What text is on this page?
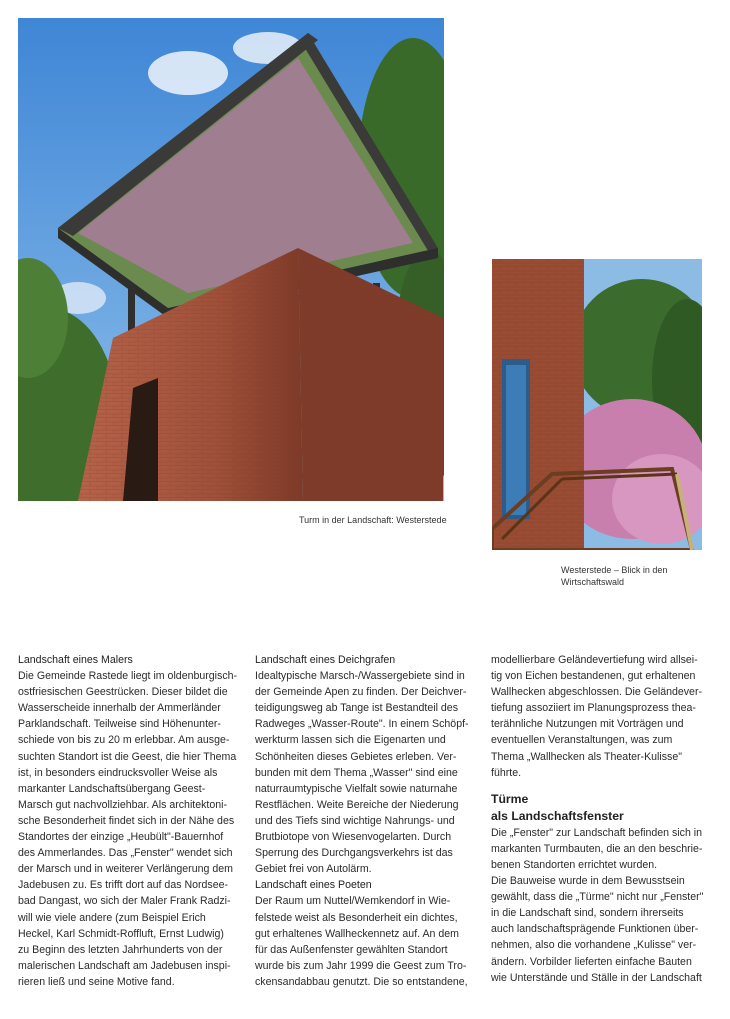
Turm in der Landschaft: Westerstede
Westerstede – Blick in den
Wirtschaftswald

Landschaft eines Malers

Die Gemeinde Rastede liegt im oldenburgisch-
ostfriesischen Geestrücken. Dieser bildet die
Wasserscheide innerhalb der Ammerländer
Parklandschaft. Teilweise sind Höhenunter-
schiede von bis zu 20 m erlebbar. Am ausge-
suchten Standort ist die Geest, die hier Thema
ist, in besonders eindrucksvoller Weise als
markanter Landschaftsübergang Geest-
Marsch gut nachvollziehbar. Als architektoni-
sche Besonderheit findet sich in der Nähe des
Standortes der einzige „Heubült"-Bauernhof
des Ammerlandes. Das „Fenster" wendet sich
der Marsch und in weiterer Verlängerung dem
Jadebusen zu. Es trifft dort auf das Nordsee-
bad Dangast, wo sich der Maler Frank Radzi-
will wie viele andere (zum Beispiel Erich
Heckel, Karl Schmidt-Roffluft, Ernst Ludwig)
zu Beginn des letzten Jahrhunderts von der
malerischen Landschaft am Jadebusen inspi-
rieren ließ und seine Motive fand.

Landschaft eines Deichgrafen

Idealtypische Marsch-/Wassergebiete sind in
der Gemeinde Apen zu finden. Der Deichver-
teidigungsweg ab Tange ist Bestandteil des
Radweges „Wasser-Route". In einem Schöpf-
werkturm lassen sich die Eigenarten und
Schönheiten dieses Gebietes erleben. Ver-
bunden mit dem Thema „Wasser" sind eine
naturraumtypische Vielfalt sowie naturnahe
Restflächen. Weite Bereiche der Niederung
und des Tiefs sind wichtige Nahrungs- und
Brutbiotope von Wiesenvogelarten. Durch
Sperrung des Durchgangsverkehrs ist das
Gebiet frei von Autolärm.

Landschaft eines Poeten

Der Raum um Nuttel/Wemkendorf in Wie-
felstede weist als Besonderheit ein dichtes,
gut erhaltenes Wallheckennetz auf. An dem
für das Außenfenster gewählten Standort
wurde bis zum Jahr 1999 die Geest zum Tro-
ckensandabbau genutzt. Die so entstandene,
modellierbare Geländevertiefung wird allsei-
tig von Eichen bestandenen, gut erhaltenen
Wallhecken abgeschlossen. Die Geländever-
tiefung assoziiert im Planungsprozess thea-
terähnliche Nutzungen mit Vorträgen und
eventuellen Veranstaltungen, was zum
Thema „Wallhecken als Theater-Kulisse"
führte.
Türme
als Landschaftsfenster
Die „Fenster" zur Landschaft befinden sich in
markanten Turmbauten, die an den beschrie-
benen Standorten errichtet wurden.
Die Bauweise wurde in dem Bewusstsein
gewählt, dass die „Türme" nicht nur „Fenster"
in die Landschaft sind, sondern ihrerseits
auch landschaftsprägende Funktionen über-
nehmen, also die vorhandene „Kulisse" ver-
ändern. Vorbilder lieferten einfache Bauten
wie Unterstände und Ställe in der Landschaft
